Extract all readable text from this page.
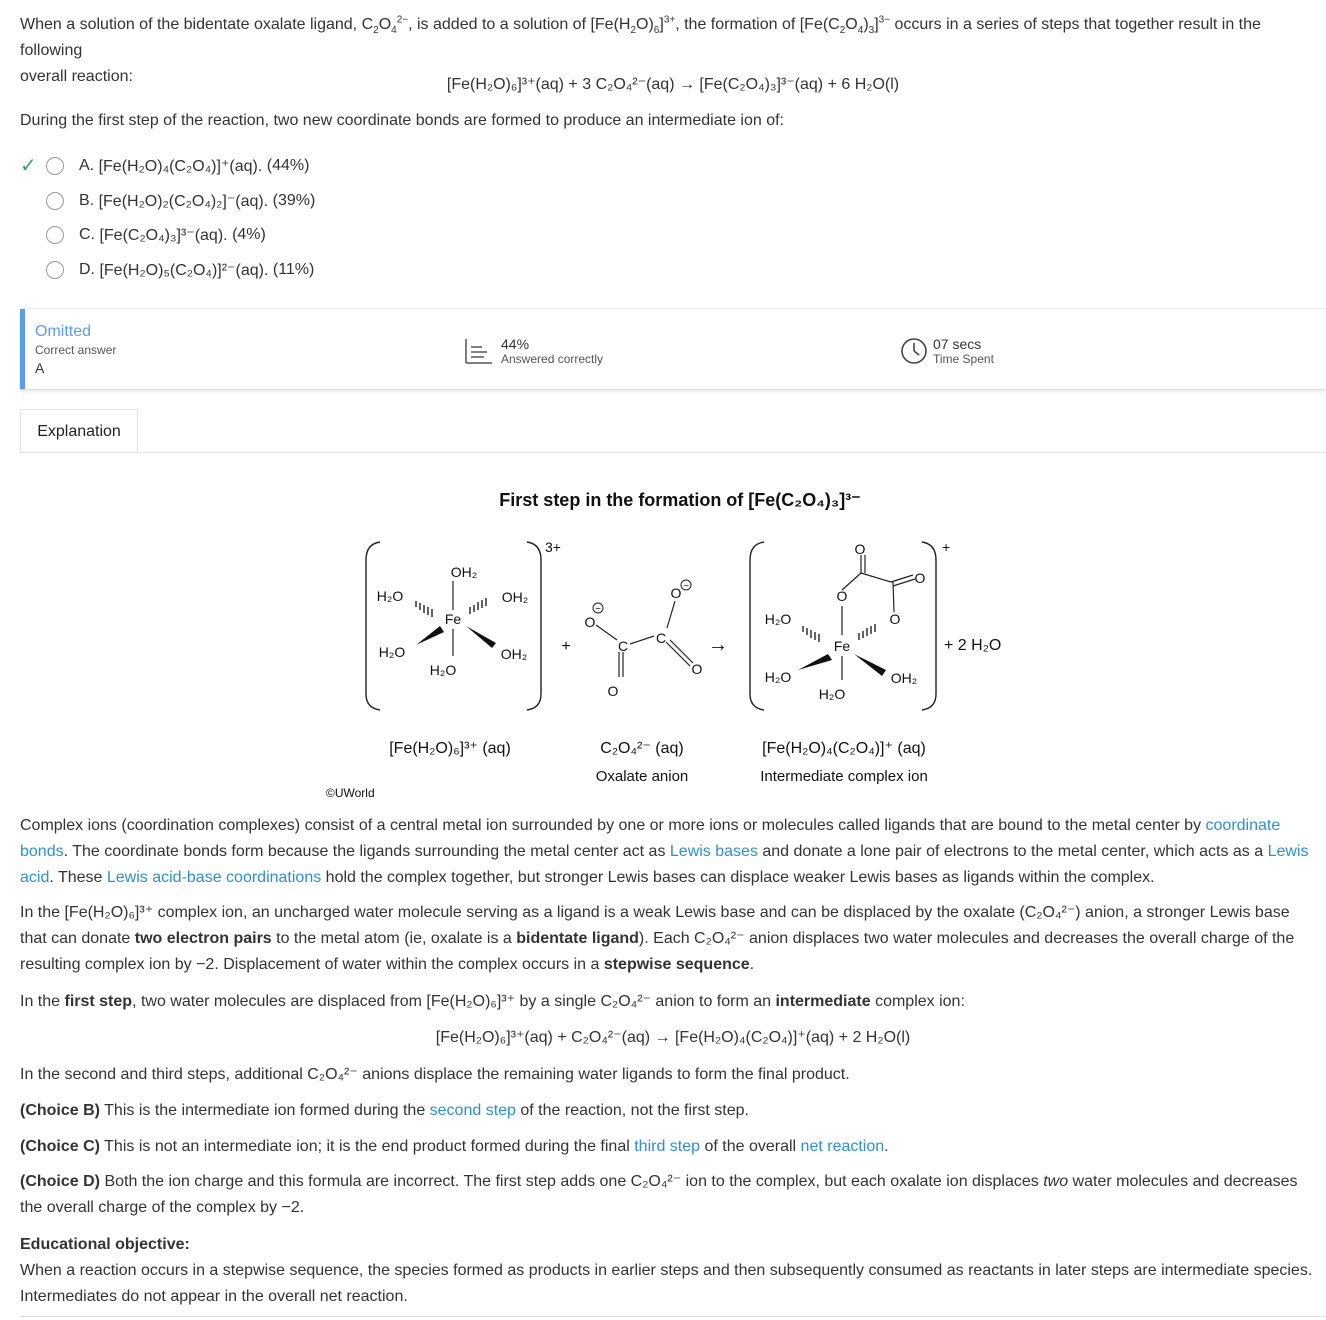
When a solution of the bidentate oxalate ligand, $C_2O_4^{2-}$, is added to a solution of $[Fe(H_2O)_6]^{3+}$, the formation of $[Fe(C_2O_4)_3]^{3-}$ occurs in a series of steps that together result in the following
overall reaction:	[Fe(H₂O)₆]³⁺(aq) + 3 C₂O₄²⁻(aq) → [Fe(C₂O₄)₃]³⁻(aq) + 6 H₂O(l)
During the first step of the reaction, two new coordinate bonds are formed to produce an intermediate ion of:
✓	A.
[Fe(H₂O)₄(C₂O₄)]⁺(aq).
(44%)
B.
[Fe(H₂O)₂(C₂O₄)₂]⁻(aq).
(39%)
C.
[Fe(C₂O₄)₃]³⁻(aq).
(4%)
D.
[Fe(H₂O)₅(C₂O₄)]²⁻(aq).
(11%)
Omitted
Correct answer
A
44%
Answered correctly
07 secs
Time Spent
Explanation
First step in the formation of [Fe(C₂O₄)₃]³⁻
3+
Fe
OH₂
H₂O
H₂O	OH₂
H₂O	OH₂ +
O
−
C
O
C
O −
O
→
+
Fe
O
O
O
O
H₂O
H₂O	OH₂
H₂O
+ 2 H₂O
[Fe(H₂O)₆]³⁺ (aq)	C₂O₄²⁻ (aq)
Oxalate anion
[Fe(H₂O)₄(C₂O₄)]⁺ (aq)
Intermediate complex ion
©UWorld
Complex ions (coordination complexes) consist of a central metal ion surrounded by one or more ions or molecules called ligands that are bound to the metal center by coordinate bonds. The coordinate bonds form because the ligands surrounding the metal center act as Lewis bases and donate a lone pair of electrons to the metal center, which acts as a Lewis acid. These Lewis acid-base coordinations hold the complex together, but stronger Lewis bases can displace weaker Lewis bases as ligands within the complex.
In the [Fe(H₂O)₆]³⁺ complex ion, an uncharged water molecule serving as a ligand is a weak Lewis base and can be displaced by the oxalate (C₂O₄²⁻) anion, a stronger Lewis base that can donate two electron pairs to the metal atom (ie, oxalate is a bidentate ligand). Each C₂O₄²⁻ anion displaces two water molecules and decreases the overall charge of the resulting complex ion by −2. Displacement of water within the complex occurs in a stepwise sequence.
In the first step, two water molecules are displaced from [Fe(H₂O)₆]³⁺ by a single C₂O₄²⁻ anion to form an intermediate complex ion:
[Fe(H₂O)₆]³⁺(aq) + C₂O₄²⁻(aq) → [Fe(H₂O)₄(C₂O₄)]⁺(aq) + 2 H₂O(l)
In the second and third steps, additional C₂O₄²⁻ anions displace the remaining water ligands to form the final product.
(Choice B) This is the intermediate ion formed during the second step of the reaction, not the first step.
(Choice C) This is not an intermediate ion; it is the end product formed during the final third step of the overall net reaction.
(Choice D) Both the ion charge and this formula are incorrect. The first step adds one C₂O₄²⁻ ion to the complex, but each oxalate ion displaces two water molecules and decreases the overall charge of the complex by −2.
Educational objective:
When a reaction occurs in a stepwise sequence, the species formed as products in earlier steps and then subsequently consumed as reactants in later steps are intermediate species. Intermediates do not appear in the overall net reaction.
